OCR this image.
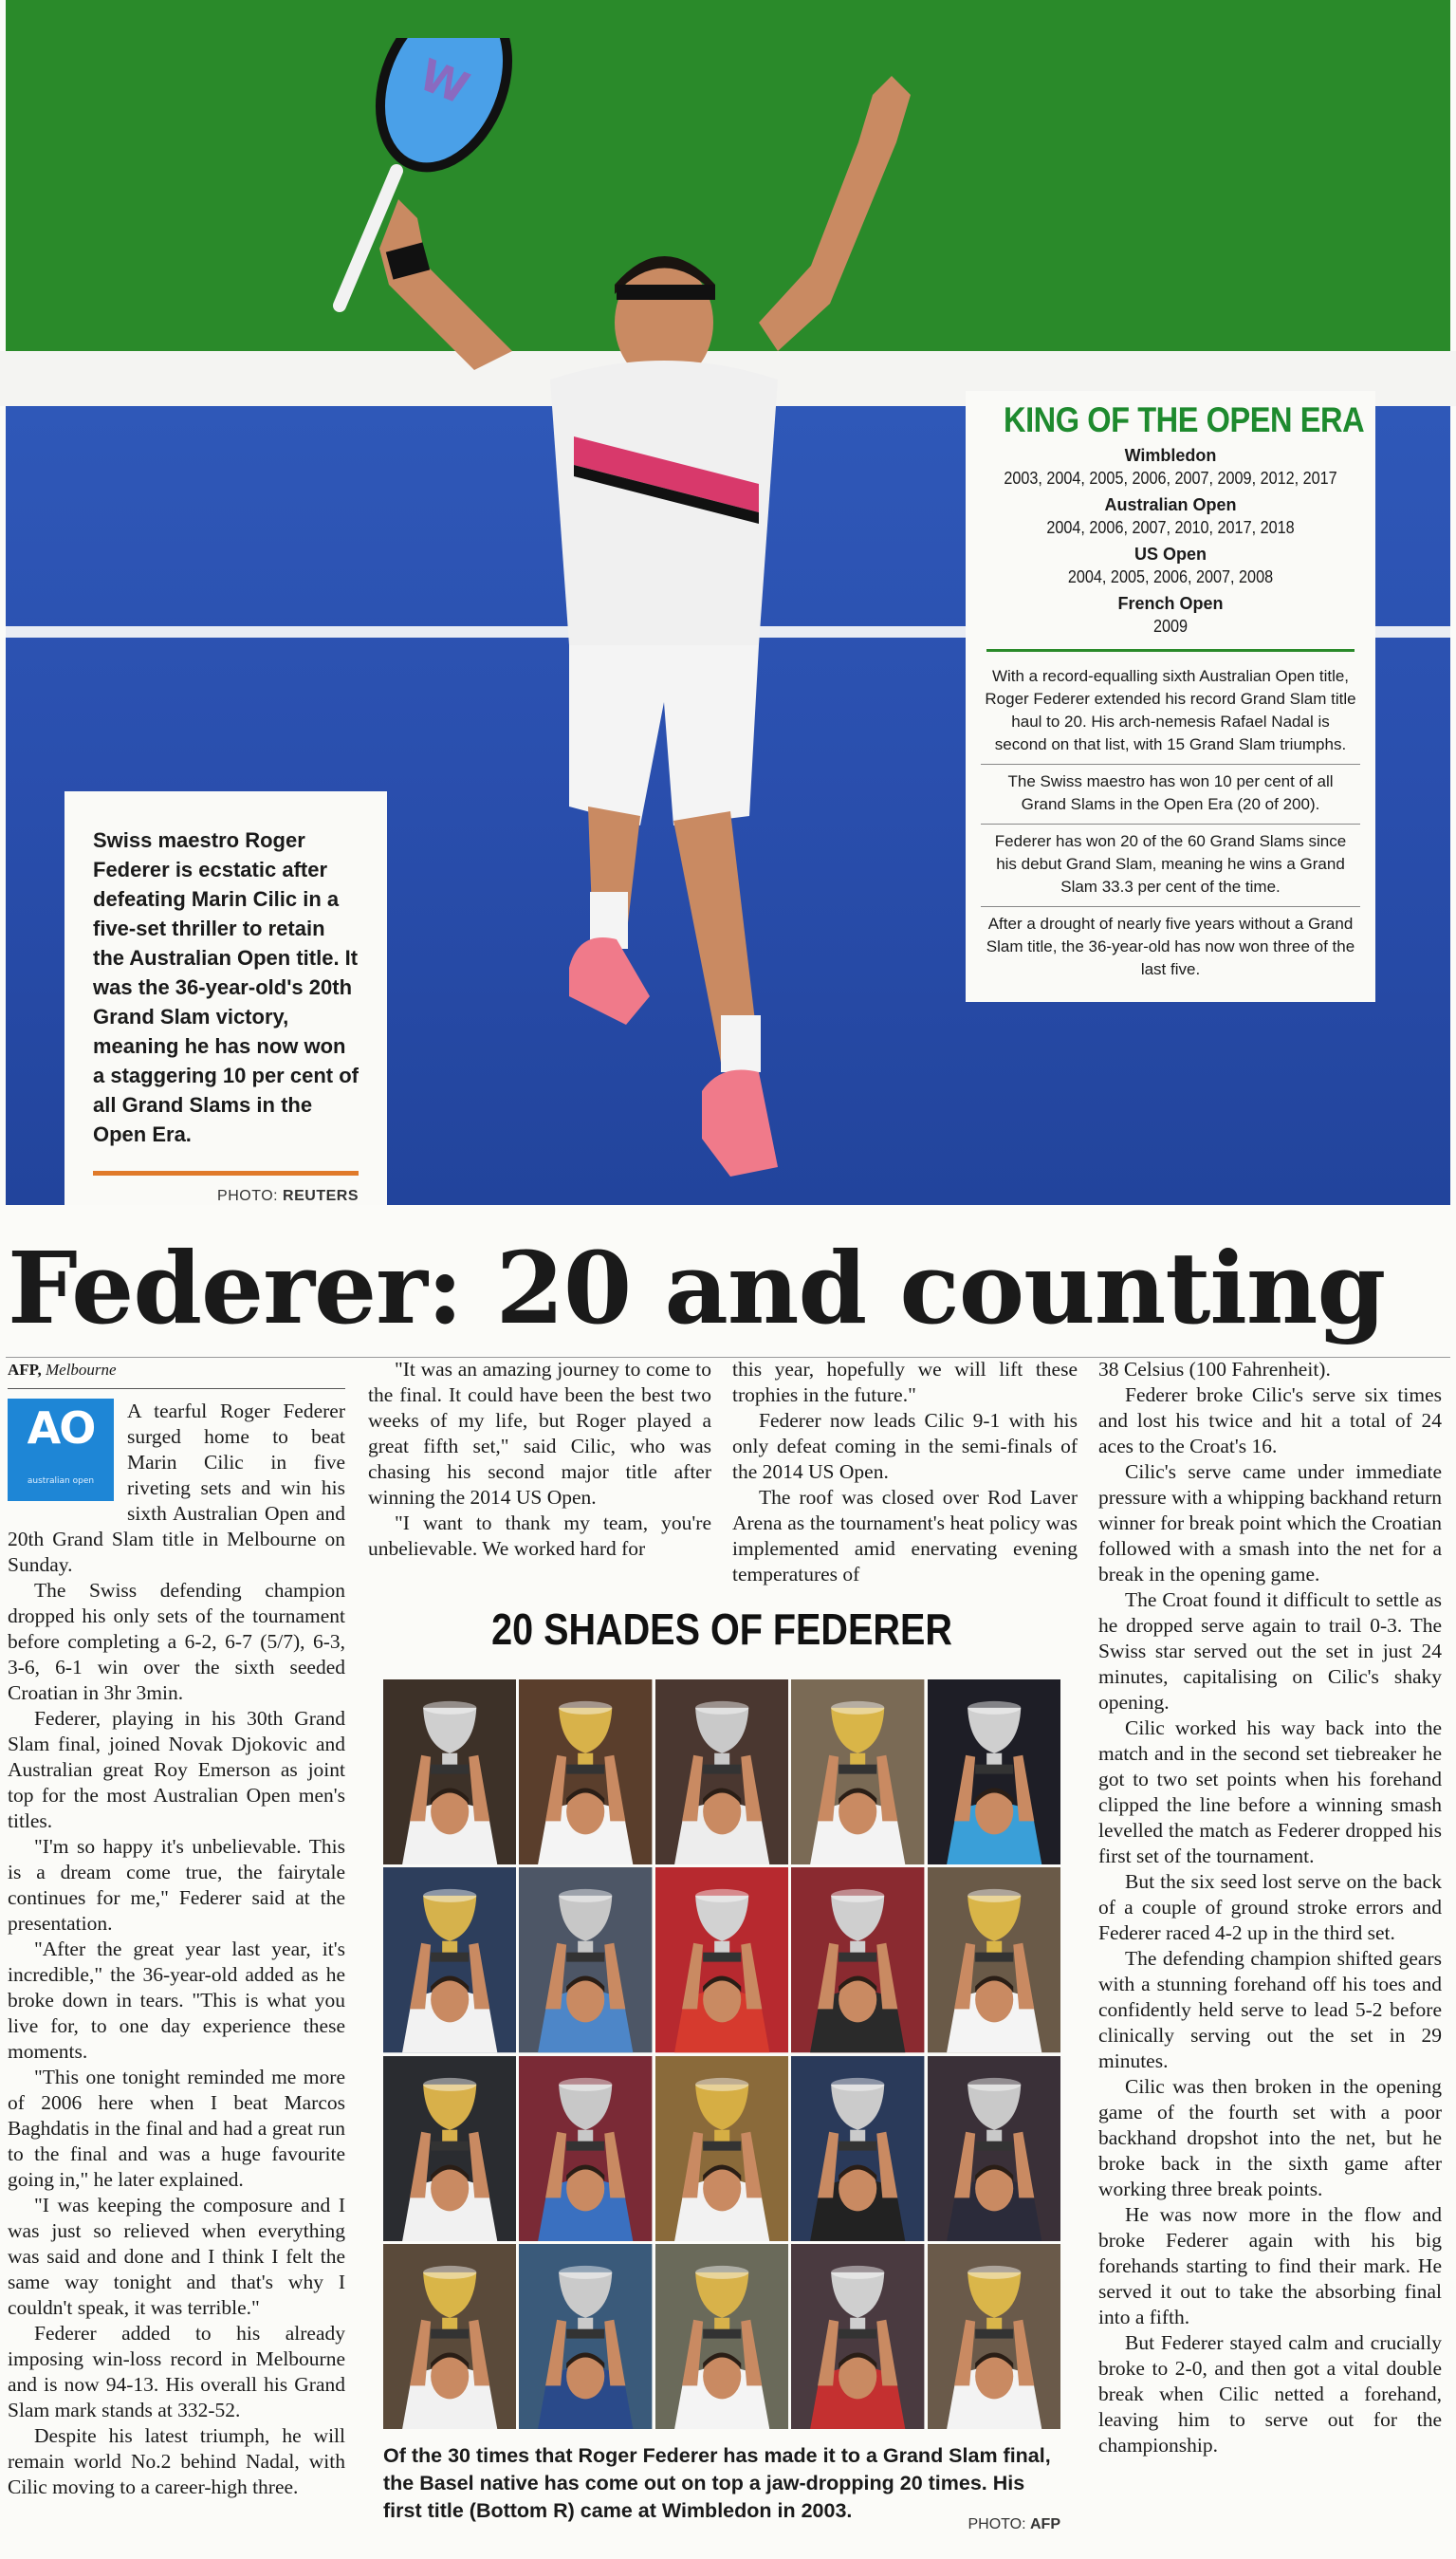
W

Swiss maestro Roger Federer is ecstatic after defeating Marin Cilic in a five-set thriller to retain the Australian Open title. It was the 36-year-old's 20th Grand Slam victory, meaning he has now won a staggering 10 per cent of all Grand Slams in the Open Era.

PHOTO: REUTERS
KING OF THE OPEN ERA
Wimbledon
2003, 2004, 2005, 2006, 2007, 2009, 2012, 2017
Australian Open
2004, 2006, 2007, 2010, 2017, 2018
US Open
2004, 2005, 2006, 2007, 2008
French Open
2009
With a record-equalling sixth Australian Open title, Roger Federer extended his record Grand Slam title haul to 20. His arch-nemesis Rafael Nadal is second on that list, with 15 Grand Slam triumphs.
The Swiss maestro has won 10 per cent of all Grand Slams in the Open Era (20 of 200).
Federer has won 20 of the 60 Grand Slams since his debut Grand Slam, meaning he wins a Grand Slam 33.3 per cent of the time.
After a drought of nearly five years without a Grand Slam title, the 36-year-old has now won three of the last five.
Federer: 20 and counting
AFP, Melbourne
AO
australian open

A tearful Roger Federer surged home to beat Marin Cilic in five riveting sets and win his sixth Australian Open and 20th Grand Slam title in Melbourne on Sunday.

The Swiss defending champion dropped his only sets of the tournament before completing a 6-2, 6-7 (5/7), 6-3, 3-6, 6-1 win over the sixth seeded Croatian in 3hr 3min.

Federer, playing in his 30th Grand Slam final, joined Novak Djokovic and Australian great Roy Emerson as joint top for the most Australian Open men's titles.

"I'm so happy it's unbelievable. This is a dream come true, the fairytale continues for me," Federer said at the presentation.

"After the great year last year, it's incredible," the 36-year-old added as he broke down in tears. "This is what you live for, to one day experience these moments.

"This one tonight reminded me more of 2006 here when I beat Marcos Baghdatis in the final and had a great run to the final and was a huge favourite going in," he later explained.

"I was keeping the composure and I was just so relieved when everything was said and done and I think I felt the same way tonight and that's why I couldn't speak, it was terrible."

Federer added to his already imposing win-loss record in Melbourne and is now 94-13. His overall his Grand Slam mark stands at 332-52.

Despite his latest triumph, he will remain world No.2 behind Nadal, with Cilic moving to a career-high three.

"It was an amazing journey to come to the final. It could have been the best two weeks of my life, but Roger played a great fifth set," said Cilic, who was chasing his second major title after winning the 2014 US Open.

"I want to thank my team, you're unbelievable. We worked hard for

this year, hopefully we will lift these trophies in the future."

Federer now leads Cilic 9-1 with his only defeat coming in the semi-finals of the 2014 US Open.

The roof was closed over Rod Laver Arena as the tournament's heat policy was implemented amid enervating evening temperatures of

38 Celsius (100 Fahrenheit).

Federer broke Cilic's serve six times and lost his twice and hit a total of 24 aces to the Croat's 16.

Cilic's serve came under immediate pressure with a whipping backhand return winner for break point which the Croatian followed with a smash into the net for a break in the opening game.

The Croat found it difficult to settle as he dropped serve again to trail 0-3. The Swiss star served out the set in just 24 minutes, capitalising on Cilic's shaky opening.

Cilic worked his way back into the match and in the second set tiebreaker he got to two set points when his forehand clipped the line before a winning smash levelled the match as Federer dropped his first set of the tournament.

But the six seed lost serve on the back of a couple of ground stroke errors and Federer raced 4-2 up in the third set.

The defending champion shifted gears with a stunning forehand off his toes and confidently held serve to lead 5-2 before clinically serving out the set in 29 minutes.

Cilic was then broken in the opening game of the fourth set with a poor backhand dropshot into the net, but he broke back in the sixth game after working three break points.

He was now more in the flow and broke Federer again with his big forehands starting to find their mark. He served it out to take the absorbing final into a fifth.

But Federer stayed calm and crucially broke to 2-0, and then got a vital double break when Cilic netted a forehand, leaving him to serve out for the championship.

20 SHADES OF FEDERER
Of the 30 times that Roger Federer has made it to a Grand Slam final, the Basel native has come out on top a jaw-dropping 20 times. His first title (Bottom R) came at Wimbledon in 2003.
PHOTO: AFP
